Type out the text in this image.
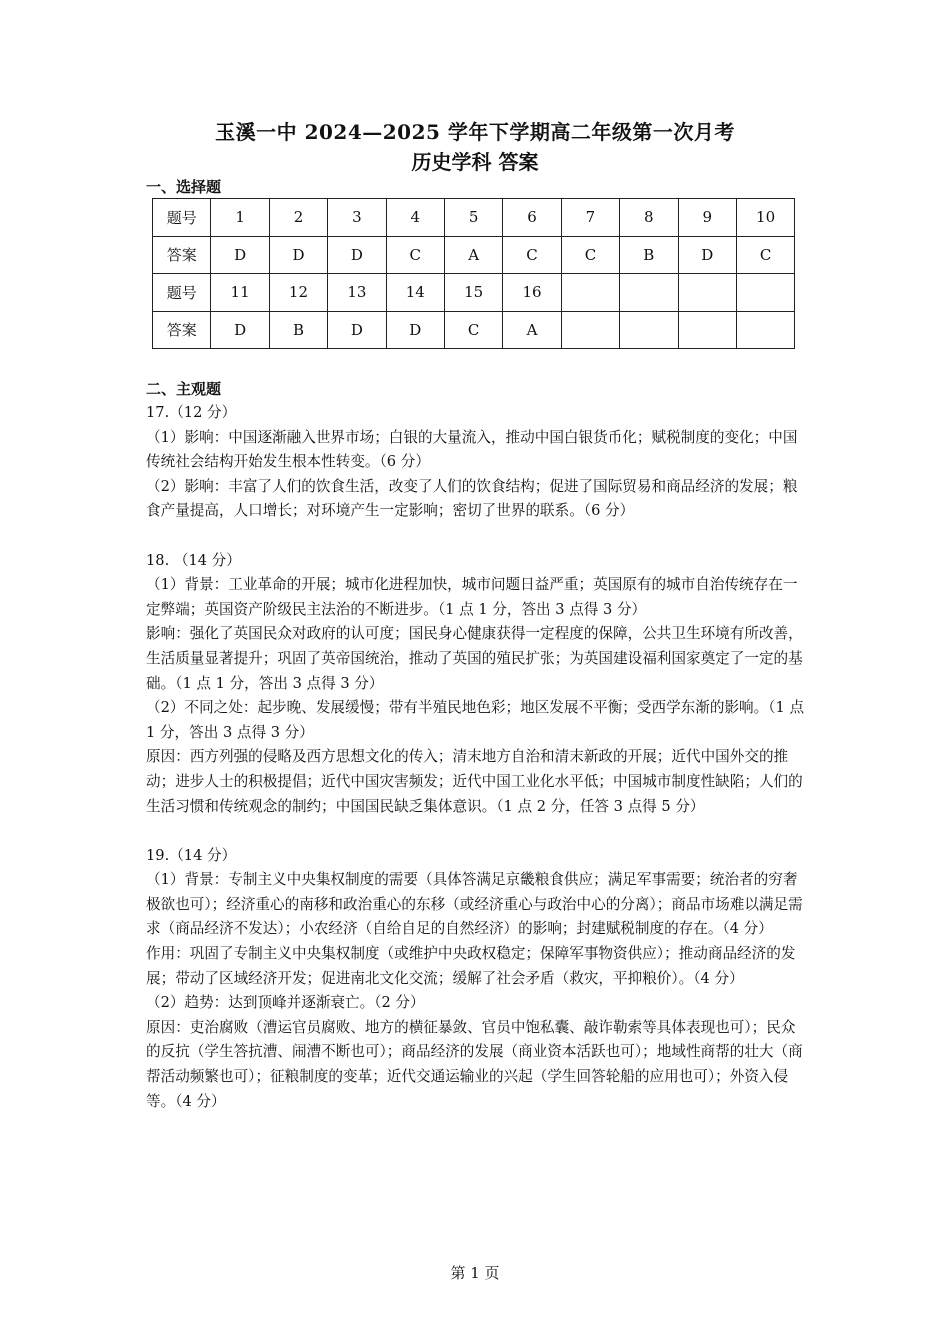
玉溪一中 2024—2025 学年下学期高二年级第一次月考
历史学科 答案
一、选择题
题号	1	2	3	4	5	6	7	8	9	10
答案	D	D	D	C	A	C	C	B	D	C
题号	11	12	13	14	15	16				
答案	D	B	D	D	C	A				
二、主观题

17.（12 分）

（1）影响：中国逐渐融入世界市场；白银的大量流入，推动中国白银货币化；赋税制度的变化；中国传统社会结构开始发生根本性转变。（6 分）

（2）影响：丰富了人们的饮食生活，改变了人们的饮食结构；促进了国际贸易和商品经济的发展；粮食产量提高，人口增长；对环境产生一定影响；密切了世界的联系。（6 分）

18. （14 分）

（1）背景：工业革命的开展；城市化进程加快，城市问题日益严重；英国原有的城市自治传统存在一定弊端；英国资产阶级民主法治的不断进步。（1 点 1 分，答出 3 点得 3 分）

影响：强化了英国民众对政府的认可度；国民身心健康获得一定程度的保障，公共卫生环境有所改善，生活质量显著提升；巩固了英帝国统治，推动了英国的殖民扩张；为英国建设福利国家奠定了一定的基础。（1 点 1 分，答出 3 点得 3 分）

（2）不同之处：起步晚、发展缓慢；带有半殖民地色彩；地区发展不平衡；受西学东渐的影响。（1 点 1 分，答出 3 点得 3 分）

原因：西方列强的侵略及西方思想文化的传入；清末地方自治和清末新政的开展；近代中国外交的推动；进步人士的积极提倡；近代中国灾害频发；近代中国工业化水平低；中国城市制度性缺陷；人们的生活习惯和传统观念的制约；中国国民缺乏集体意识。（1 点 2 分，任答 3 点得 5 分）

19.（14 分）

（1）背景：专制主义中央集权制度的需要（具体答满足京畿粮食供应；满足军事需要；统治者的穷奢极欲也可）；经济重心的南移和政治重心的东移（或经济重心与政治中心的分离）；商品市场难以满足需求（商品经济不发达）；小农经济（自给自足的自然经济）的影响；封建赋税制度的存在。（4 分）

作用：巩固了专制主义中央集权制度（或维护中央政权稳定；保障军事物资供应）；推动商品经济的发展；带动了区域经济开发；促进南北文化交流；缓解了社会矛盾（救灾，平抑粮价）。（4 分）

（2）趋势：达到顶峰并逐渐衰亡。（2 分）

原因：吏治腐败（漕运官员腐败、地方的横征暴敛、官员中饱私囊、敲诈勒索等具体表现也可）；民众的反抗（学生答抗漕、闹漕不断也可）；商品经济的发展（商业资本活跃也可）；地域性商帮的壮大（商帮活动频繁也可）；征粮制度的变革；近代交通运输业的兴起（学生回答轮船的应用也可）；外资入侵等。（4 分）

第 1 页
